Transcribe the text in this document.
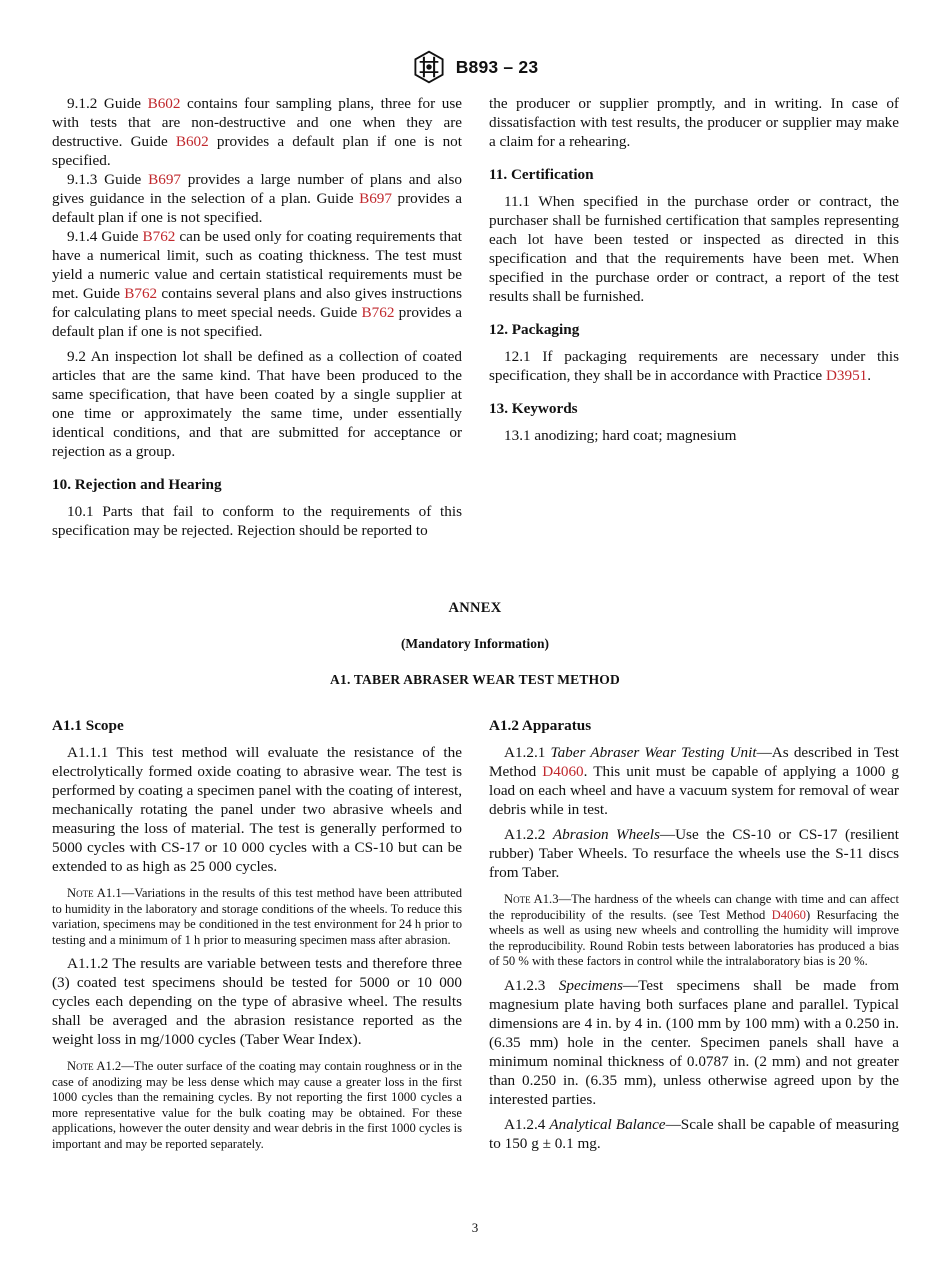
B893 – 23

9.1.2 Guide B602 contains four sampling plans, three for use with tests that are non-destructive and one when they are destructive. Guide B602 provides a default plan if one is not specified.

9.1.3 Guide B697 provides a large number of plans and also gives guidance in the selection of a plan. Guide B697 provides a default plan if one is not specified.

9.1.4 Guide B762 can be used only for coating requirements that have a numerical limit, such as coating thickness. The test must yield a numeric value and certain statistical requirements must be met. Guide B762 contains several plans and also gives instructions for calculating plans to meet special needs. Guide B762 provides a default plan if one is not specified.

9.2 An inspection lot shall be defined as a collection of coated articles that are the same kind. That have been produced to the same specification, that have been coated by a single supplier at one time or approximately the same time, under essentially identical conditions, and that are submitted for acceptance or rejection as a group.

10. Rejection and Hearing

10.1 Parts that fail to conform to the requirements of this specification may be rejected. Rejection should be reported to

the producer or supplier promptly, and in writing. In case of dissatisfaction with test results, the producer or supplier may make a claim for a rehearing.

11. Certification

11.1 When specified in the purchase order or contract, the purchaser shall be furnished certification that samples representing each lot have been tested or inspected as directed in this specification and that the requirements have been met. When specified in the purchase order or contract, a report of the test results shall be furnished.

12. Packaging

12.1 If packaging requirements are necessary under this specification, they shall be in accordance with Practice D3951.

13. Keywords

13.1 anodizing; hard coat; magnesium

ANNEX
(Mandatory Information)
A1. TABER ABRASER WEAR TEST METHOD

A1.1 Scope

A1.1.1 This test method will evaluate the resistance of the electrolytically formed oxide coating to abrasive wear. The test is performed by coating a specimen panel with the coating of interest, mechanically rotating the panel under two abrasive wheels and measuring the loss of material. The test is generally performed to 5000 cycles with CS-17 or 10 000 cycles with a CS-10 but can be extended to as high as 25 000 cycles.

Note A1.1—Variations in the results of this test method have been attributed to humidity in the laboratory and storage conditions of the wheels. To reduce this variation, specimens may be conditioned in the test environment for 24 h prior to testing and a minimum of 1 h prior to measuring specimen mass after abrasion.

A1.1.2 The results are variable between tests and therefore three (3) coated test specimens should be tested for 5000 or 10 000 cycles each depending on the type of abrasive wheel. The results shall be averaged and the abrasion resistance reported as the weight loss in mg/1000 cycles (Taber Wear Index).

Note A1.2—The outer surface of the coating may contain roughness or in the case of anodizing may be less dense which may cause a greater loss in the first 1000 cycles than the remaining cycles. By not reporting the first 1000 cycles a more representative value for the bulk coating may be obtained. For these applications, however the outer density and wear debris in the first 1000 cycles is important and may be reported separately.

A1.2 Apparatus

A1.2.1 Taber Abraser Wear Testing Unit—As described in Test Method D4060. This unit must be capable of applying a 1000 g load on each wheel and have a vacuum system for removal of wear debris while in test.

A1.2.2 Abrasion Wheels—Use the CS-10 or CS-17 (resilient rubber) Taber Wheels. To resurface the wheels use the S-11 discs from Taber.

Note A1.3—The hardness of the wheels can change with time and can affect the reproducibility of the results. (see Test Method D4060) Resurfacing the wheels as well as using new wheels and controlling the humidity will improve the reproducibility. Round Robin tests between laboratories has produced a bias of 50 % with these factors in control while the intralaboratory bias is 20 %.

A1.2.3 Specimens—Test specimens shall be made from magnesium plate having both surfaces plane and parallel. Typical dimensions are 4 in. by 4 in. (100 mm by 100 mm) with a 0.250 in. (6.35 mm) hole in the center. Specimen panels shall have a minimum nominal thickness of 0.0787 in. (2 mm) and not greater than 0.250 in. (6.35 mm), unless otherwise agreed upon by the interested parties.

A1.2.4 Analytical Balance—Scale shall be capable of measuring to 150 g ± 0.1 mg.

3
